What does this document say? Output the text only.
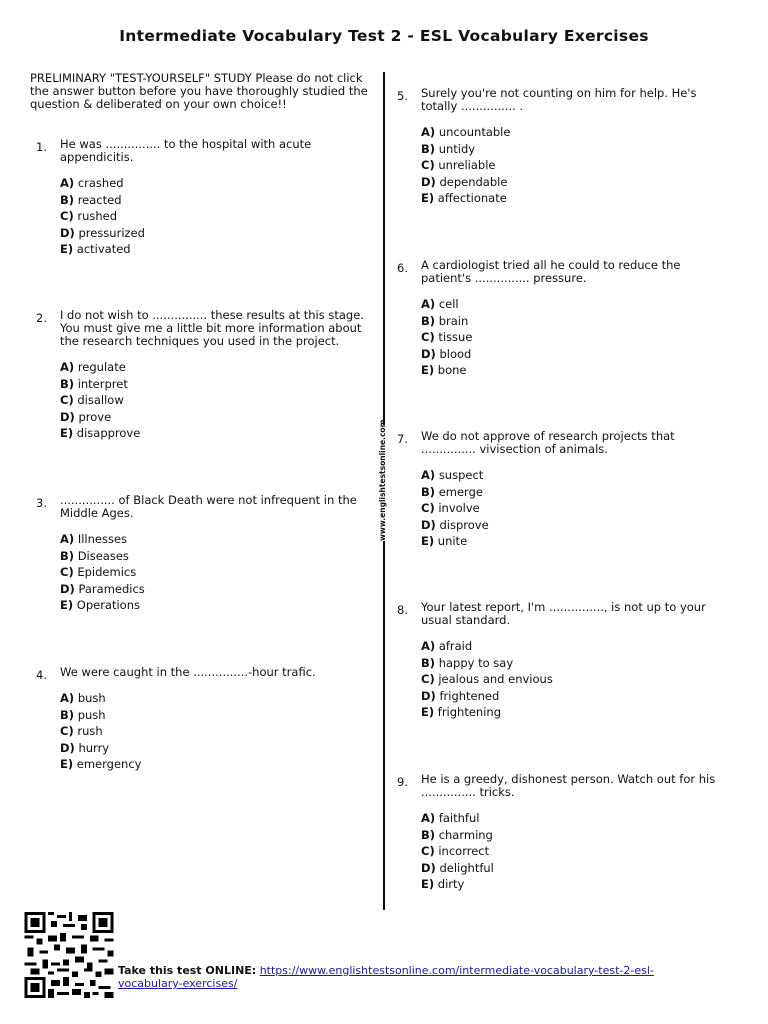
Intermediate Vocabulary Test 2 - ESL Vocabulary Exercises
PRELIMINARY "TEST-YOURSELF" STUDY Please do not click the answer button before you have thoroughly studied the question & deliberated on your own choice!!
www.englishtestsonline.com
1. He was ............... to the hospital with acute appendicitis.
A) crashed
B) reacted
C) rushed
D) pressurized
E) activated
2. I do not wish to ............... these results at this stage. You must give me a little bit more information about the research techniques you used in the project.
A) regulate
B) interpret
C) disallow
D) prove
E) disapprove
3. ............... of Black Death were not infrequent in the Middle Ages.
A) Illnesses
B) Diseases
C) Epidemics
D) Paramedics
E) Operations
4. We were caught in the ...............-hour trafic.
A) bush
B) push
C) rush
D) hurry
E) emergency
5. Surely you're not counting on him for help. He's totally ............... .
A) uncountable
B) untidy
C) unreliable
D) dependable
E) affectionate
6. A cardiologist tried all he could to reduce the patient's ............... pressure.
A) cell
B) brain
C) tissue
D) blood
E) bone
7. We do not approve of research projects that ............... vivisection of animals.
A) suspect
B) emerge
C) involve
D) disprove
E) unite
8. Your latest report, I'm ..............., is not up to your usual standard.
A) afraid
B) happy to say
C) jealous and envious
D) frightened
E) frightening
9. He is a greedy, dishonest person. Watch out for his ............... tricks.
A) faithful
B) charming
C) incorrect
D) delightful
E) dirty
Take this test ONLINE: https://www.englishtestsonline.com/intermediate-vocabulary-test-2-esl-vocabulary-exercises/
